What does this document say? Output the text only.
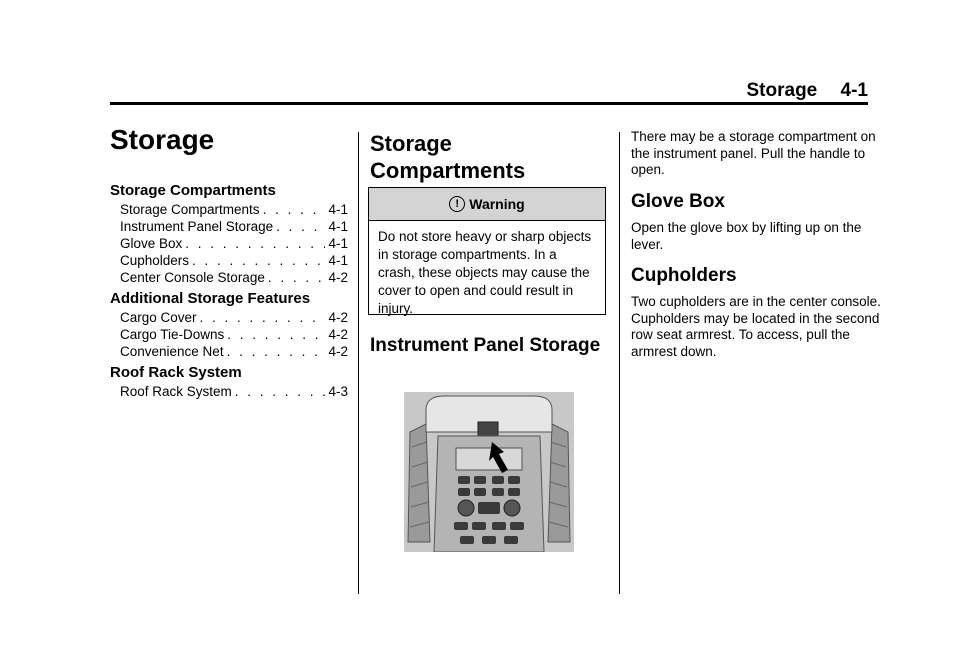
Storage 4-1
Storage
Storage Compartments
Storage Compartments . . .	4-1
Instrument Panel Storage . . .	4-1
Glove Box . . .	4-1
Cupholders . . .	4-1
Center Console Storage . . .	4-2
Additional Storage Features
Cargo Cover . . .	4-2
Cargo Tie-Downs . . .	4-2
Convenience Net . . .	4-2
Roof Rack System
Roof Rack System . . .	4-3
Storage
Compartments
! Warning
Do not store heavy or sharp objects in storage compartments. In a crash, these objects may cause the cover to open and could result in injury.
Instrument Panel Storage

There may be a storage compartment on the instrument panel. Pull the handle to open.

Glove Box

Open the glove box by lifting up on the lever.

Cupholders

Two cupholders are in the center console. Cupholders may be located in the second row seat armrest. To access, pull the armrest down.
